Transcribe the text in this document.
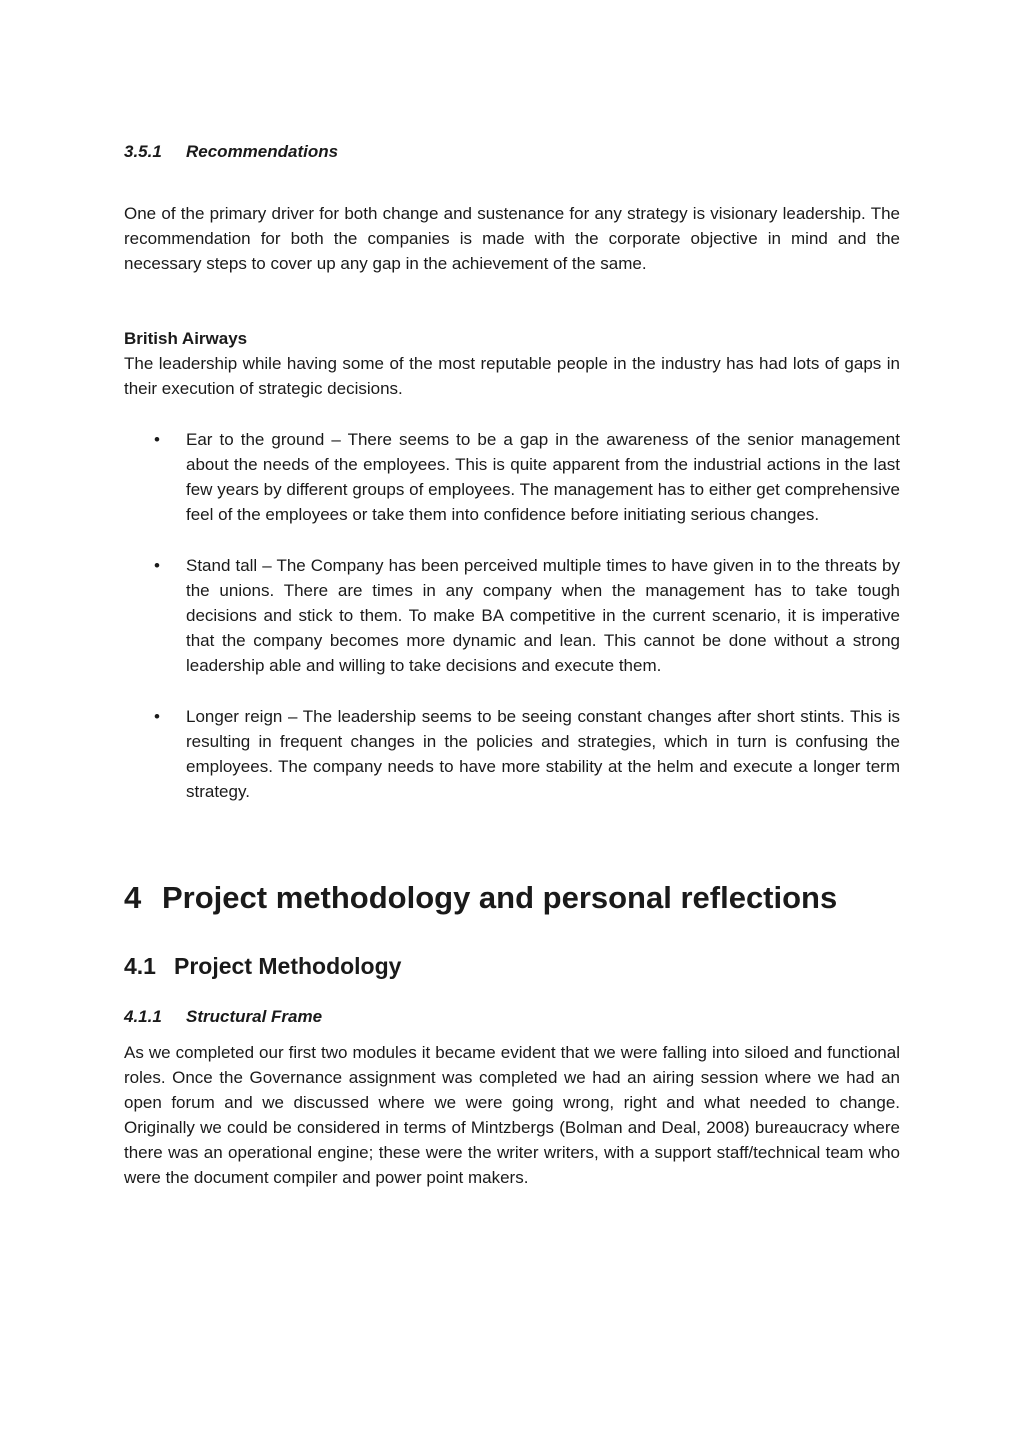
3.5.1 Recommendations

One of the primary driver for both change and sustenance for any strategy is visionary leadership. The recommendation for both the companies is made with the corporate objective in mind and the necessary steps to cover up any gap in the achievement of the same.

British Airways

The leadership while having some of the most reputable people in the industry has had lots of gaps in their execution of strategic decisions.

• Ear to the ground – There seems to be a gap in the awareness of the senior management about the needs of the employees. This is quite apparent from the industrial actions in the last few years by different groups of employees. The management has to either get comprehensive feel of the employees or take them into confidence before initiating serious changes.
• Stand tall – The Company has been perceived multiple times to have given in to the threats by the unions. There are times in any company when the management has to take tough decisions and stick to them. To make BA competitive in the current scenario, it is imperative that the company becomes more dynamic and lean. This cannot be done without a strong leadership able and willing to take decisions and execute them.
• Longer reign – The leadership seems to be seeing constant changes after short stints. This is resulting in frequent changes in the policies and strategies, which in turn is confusing the employees. The company needs to have more stability at the helm and execute a longer term strategy.
4 Project methodology and personal reflections
4.1 Project Methodology
4.1.1 Structural Frame

As we completed our first two modules it became evident that we were falling into siloed and functional roles. Once the Governance assignment was completed we had an airing session where we had an open forum and we discussed where we were going wrong, right and what needed to change. Originally we could be considered in terms of Mintzbergs (Bolman and Deal, 2008) bureaucracy where there was an operational engine; these were the writer writers, with a support staff/technical team who were the document compiler and power point makers.
